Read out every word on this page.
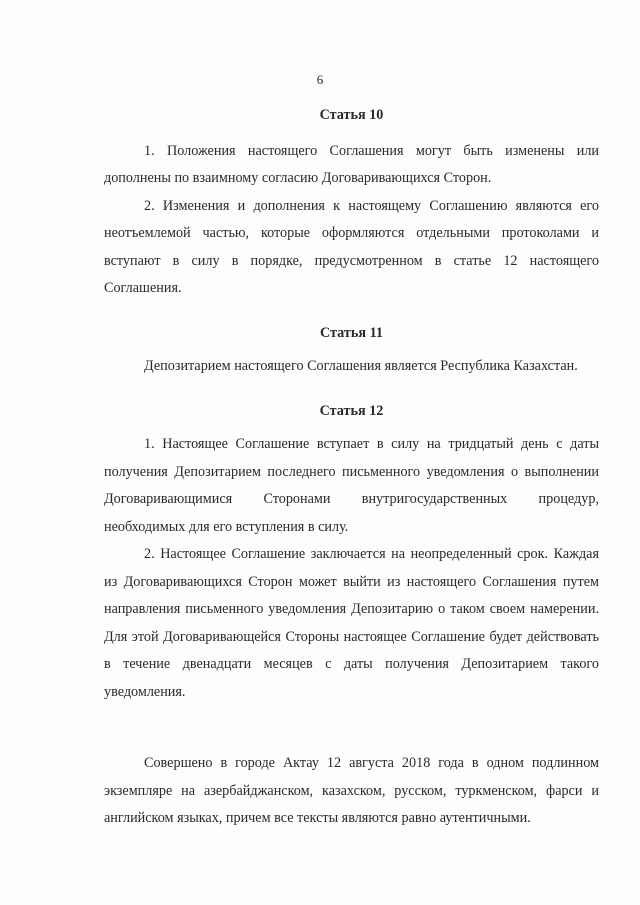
6
Статья 10

1. Положения настоящего Соглашения могут быть изменены или дополнены по взаимному согласию Договаривающихся Сторон.

2. Изменения и дополнения к настоящему Соглашению являются его неотъемлемой частью, которые оформляются отдельными протоколами и вступают в силу в порядке, предусмотренном в статье 12 настоящего Соглашения.

Статья 11

Депозитарием настоящего Соглашения является Республика Казахстан.

Статья 12

1. Настоящее Соглашение вступает в силу на тридцатый день с даты получения Депозитарием последнего письменного уведомления о выполнении Договаривающимися Сторонами внутригосударственных процедур, необходимых для его вступления в силу.

2. Настоящее Соглашение заключается на неопределенный срок. Каждая из Договаривающихся Сторон может выйти из настоящего Соглашения путем направления письменного уведомления Депозитарию о таком своем намерении. Для этой Договаривающейся Стороны настоящее Соглашение будет действовать в течение двенадцати месяцев с даты получения Депозитарием такого уведомления.

Совершено в городе Актау 12 августа 2018 года в одном подлинном экземпляре на азербайджанском, казахском, русском, туркменском, фарси и английском языках, причем все тексты являются равно аутентичными.
